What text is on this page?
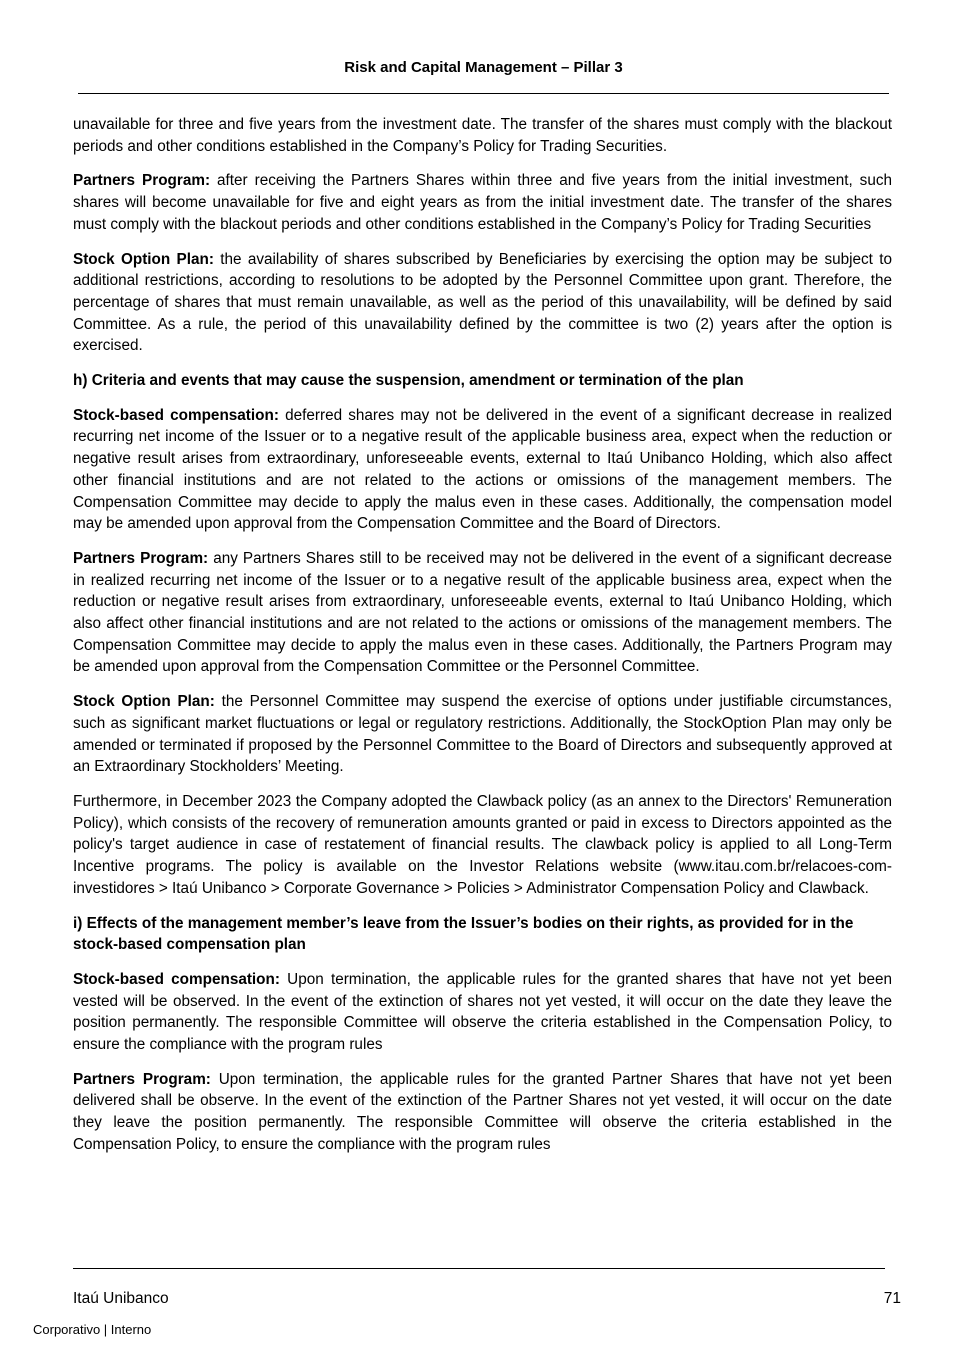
Risk and Capital Management – Pillar 3

unavailable for three and five years from the investment date. The transfer of the shares must comply with the blackout periods and other conditions established in the Company’s Policy for Trading Securities.

Partners Program: after receiving the Partners Shares within three and five years from the initial investment, such shares will become unavailable for five and eight years as from the initial investment date. The transfer of the shares must comply with the blackout periods and other conditions established in the Company’s Policy for Trading Securities

Stock Option Plan: the availability of shares subscribed by Beneficiaries by exercising the option may be subject to additional restrictions, according to resolutions to be adopted by the Personnel Committee upon grant. Therefore, the percentage of shares that must remain unavailable, as well as the period of this unavailability, will be defined by said Committee. As a rule, the period of this unavailability defined by the committee is two (2) years after the option is exercised.

h) Criteria and events that may cause the suspension, amendment or termination of the plan

Stock-based compensation: deferred shares may not be delivered in the event of a significant decrease in realized recurring net income of the Issuer or to a negative result of the applicable business area, expect when the reduction or negative result arises from extraordinary, unforeseeable events, external to Itaú Unibanco Holding, which also affect other financial institutions and are not related to the actions or omissions of the management members. The Compensation Committee may decide to apply the malus even in these cases. Additionally, the compensation model may be amended upon approval from the Compensation Committee and the Board of Directors.

Partners Program: any Partners Shares still to be received may not be delivered in the event of a significant decrease in realized recurring net income of the Issuer or to a negative result of the applicable business area, expect when the reduction or negative result arises from extraordinary, unforeseeable events, external to Itaú Unibanco Holding, which also affect other financial institutions and are not related to the actions or omissions of the management members. The Compensation Committee may decide to apply the malus even in these cases. Additionally, the Partners Program may be amended upon approval from the Compensation Committee or the Personnel Committee.

Stock Option Plan: the Personnel Committee may suspend the exercise of options under justifiable circumstances, such as significant market fluctuations or legal or regulatory restrictions. Additionally, the StockOption Plan may only be amended or terminated if proposed by the Personnel Committee to the Board of Directors and subsequently approved at an Extraordinary Stockholders’ Meeting.

Furthermore, in December 2023 the Company adopted the Clawback policy (as an annex to the Directors' Remuneration Policy), which consists of the recovery of remuneration amounts granted or paid in excess to Directors appointed as the policy's target audience in case of restatement of financial results. The clawback policy is applied to all Long-Term Incentive programs. The policy is available on the Investor Relations website (www.itau.com.br/relacoes-com-investidores > Itaú Unibanco > Corporate Governance > Policies > Administrator Compensation Policy and Clawback.

i) Effects of the management member’s leave from the Issuer’s bodies on their rights, as provided for in the stock-based compensation plan

Stock-based compensation: Upon termination, the applicable rules for the granted shares that have not yet been vested will be observed. In the event of the extinction of shares not yet vested, it will occur on the date they leave the position permanently. The responsible Committee will observe the criteria established in the Compensation Policy, to ensure the compliance with the program rules

Partners Program: Upon termination, the applicable rules for the granted Partner Shares that have not yet been delivered shall be observe. In the event of the extinction of the Partner Shares not yet vested, it will occur on the date they leave the position permanently. The responsible Committee will observe the criteria established in the Compensation Policy, to ensure the compliance with the program rules

Itaú Unibanco	71
Corporativo | Interno
